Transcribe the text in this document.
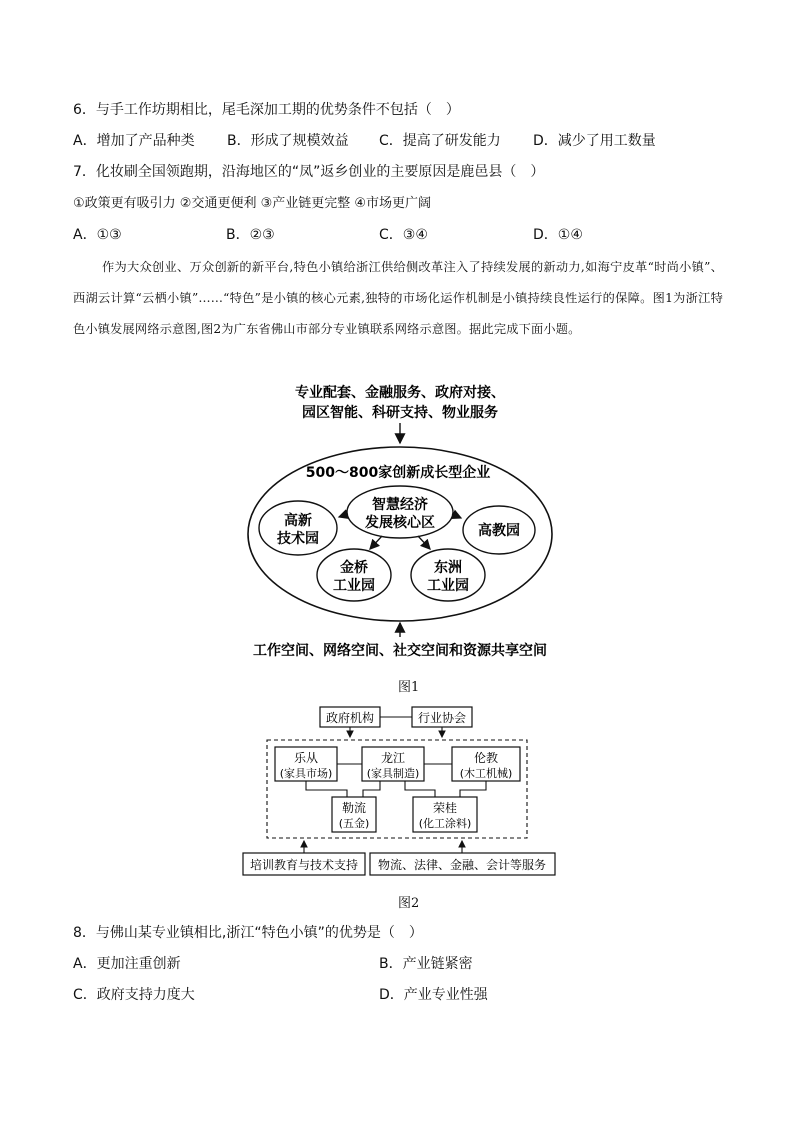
6．与手工作坊期相比，尾毛深加工期的优势条件不包括（　）
A．增加了产品种类 B．形成了规模效益 C．提高了研发能力 D．减少了用工数量
7．化妆刷全国领跑期，沿海地区的“凤”返乡创业的主要原因是鹿邑县（　）
①政策更有吸引力 ②交通更便利 ③产业链更完整 ④市场更广阔
A．①③	B．②③	C．③④	D．①④
作为大众创业、万众创新的新平台,特色小镇给浙江供给侧改革注入了持续发展的新动力,如海宁皮革“时尚小镇”、西湖云计算“云栖小镇”……“特色”是小镇的核心元素,独特的市场化运作机制是小镇持续良性运行的保障。图1为浙江特色小镇发展网络示意图,图2为广东省佛山市部分专业镇联系网络示意图。据此完成下面小题。
专业配套、金融服务、政府对接、
园区智能、科研支持、物业服务
500～800家创新成长型企业
智慧经济
发展核心区
高新
技术园	高教园
金桥
工业园
东洲
工业园
工作空间、网络空间、社交空间和资源共享空间
图1
政府机构	行业协会
乐从
(家具市场)
龙江
(家具制造)
伦教
(木工机械)
勒流
(五金)
荣桂
(化工涂料)
培训教育与技术支持 物流、法律、金融、会计等服务
图2
8．与佛山某专业镇相比,浙江“特色小镇”的优势是（　）
A．更加注重创新	B．产业链紧密
C．政府支持力度大	D．产业专业性强
